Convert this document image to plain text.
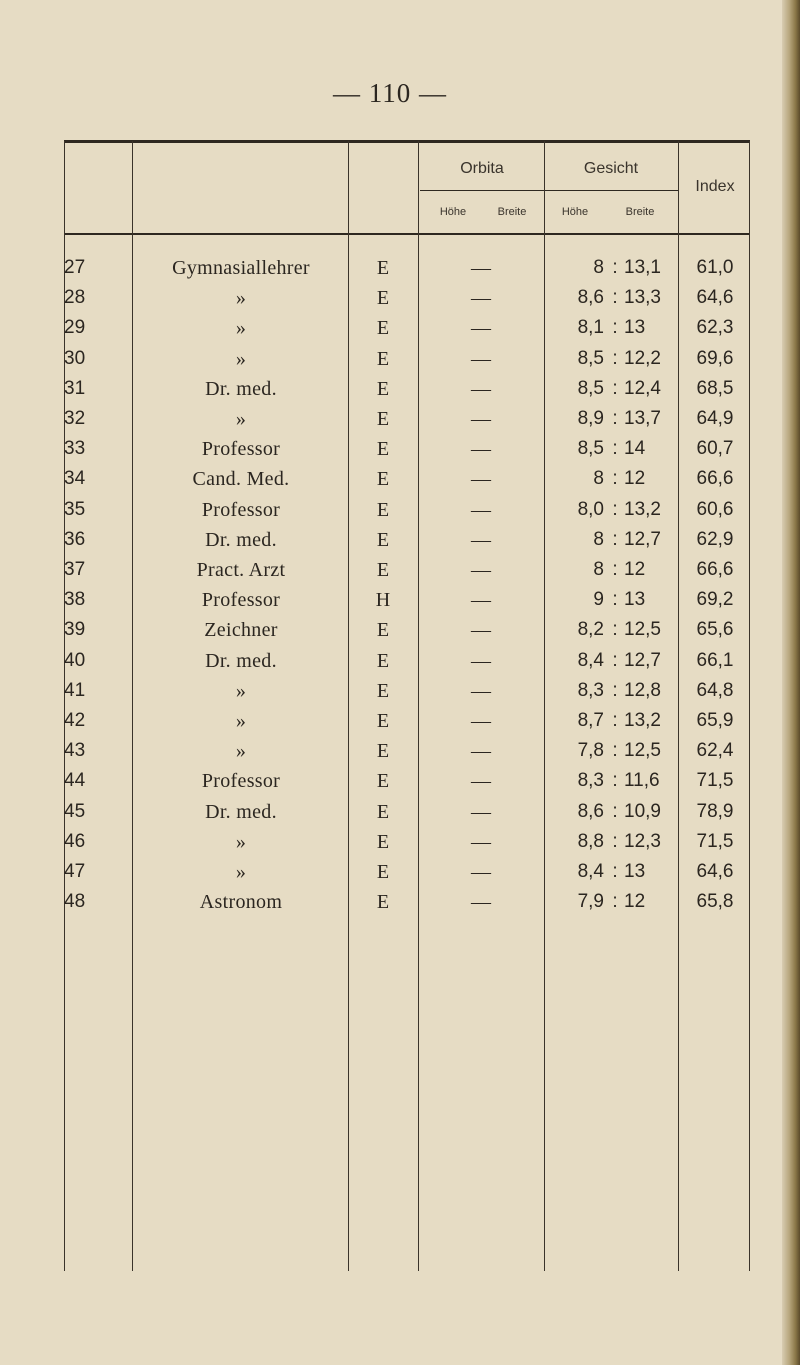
— 110 —
Orbita
Höhe	Breite
Gesicht
Höhe	Breite
Index
27	Gymnasiallehrer	E	—	8 : 13,1	61,0
28	»	E	—	8,6 : 13,3	64,6
29	»	E	—	8,1 : 13	62,3
30	»	E	—	8,5 : 12,2	69,6
31	Dr. med.	E	—	8,5 : 12,4	68,5
32	»	E	—	8,9 : 13,7	64,9
33	Professor	E	—	8,5 : 14	60,7
34	Cand. Med.	E	—	8 : 12	66,6
35	Professor	E	—	8,0 : 13,2	60,6
36	Dr. med.	E	—	8 : 12,7	62,9
37	Pract. Arzt	E	—	8 : 12	66,6
38	Professor	H	—	9 : 13	69,2
39	Zeichner	E	—	8,2 : 12,5	65,6
40	Dr. med.	E	—	8,4 : 12,7	66,1
41	»	E	—	8,3 : 12,8	64,8
42	»	E	—	8,7 : 13,2	65,9
43	»	E	—	7,8 : 12,5	62,4
44	Professor	E	—	8,3 : 11,6	71,5
45	Dr. med.	E	—	8,6 : 10,9	78,9
46	»	E	—	8,8 : 12,3	71,5
47	»	E	—	8,4 : 13	64,6
48	Astronom	E	—	7,9 : 12	65,8
